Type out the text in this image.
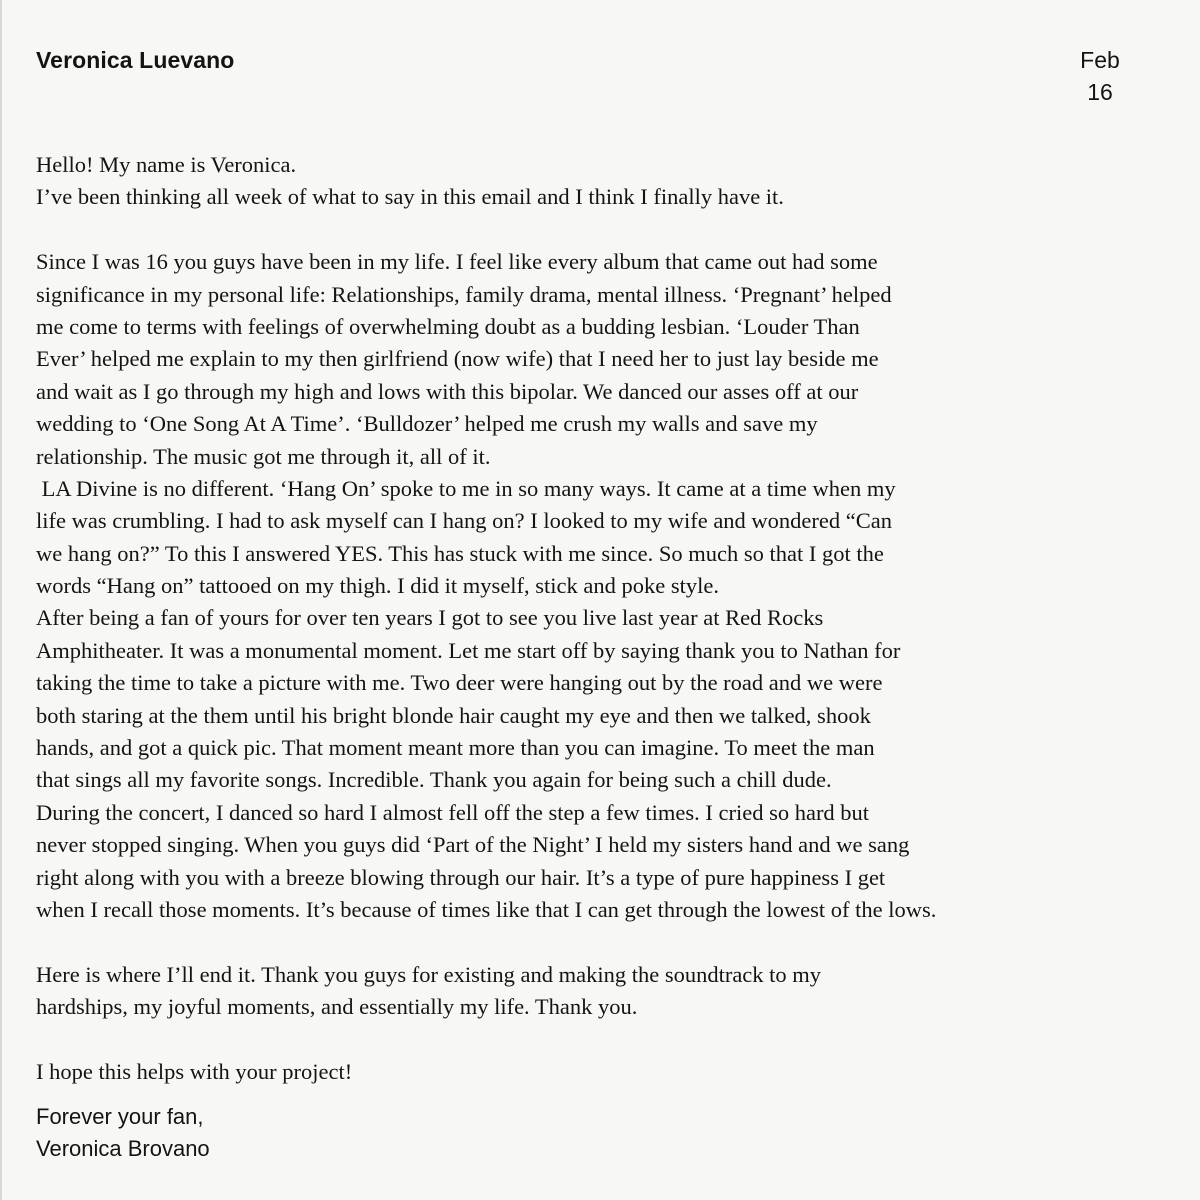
Veronica Luevano	Feb
16
Hello! My name is Veronica.
I’ve been thinking all week of what to say in this email and I think I finally have it.
Since I was 16 you guys have been in my life. I feel like every album that came out had some
significance in my personal life: Relationships, family drama, mental illness. ‘Pregnant’ helped
me come to terms with feelings of overwhelming doubt as a budding lesbian. ‘Louder Than
Ever’ helped me explain to my then girlfriend (now wife) that I need her to just lay beside me
and wait as I go through my high and lows with this bipolar. We danced our asses off at our
wedding to ‘One Song At A Time’. ‘Bulldozer’ helped me crush my walls and save my
relationship. The music got me through it, all of it.
LA Divine is no different. ‘Hang On’ spoke to me in so many ways. It came at a time when my
life was crumbling. I had to ask myself can I hang on? I looked to my wife and wondered “Can
we hang on?” To this I answered YES. This has stuck with me since. So much so that I got the
words “Hang on” tattooed on my thigh. I did it myself, stick and poke style.
After being a fan of yours for over ten years I got to see you live last year at Red Rocks
Amphitheater. It was a monumental moment. Let me start off by saying thank you to Nathan for
taking the time to take a picture with me. Two deer were hanging out by the road and we were
both staring at the them until his bright blonde hair caught my eye and then we talked, shook
hands, and got a quick pic. That moment meant more than you can imagine. To meet the man
that sings all my favorite songs. Incredible. Thank you again for being such a chill dude.
During the concert, I danced so hard I almost fell off the step a few times. I cried so hard but
never stopped singing. When you guys did ‘Part of the Night’ I held my sisters hand and we sang
right along with you with a breeze blowing through our hair. It’s a type of pure happiness I get
when I recall those moments. It’s because of times like that I can get through the lowest of the lows.
Here is where I’ll end it. Thank you guys for existing and making the soundtrack to my
hardships, my joyful moments, and essentially my life. Thank you.
I hope this helps with your project!
Forever your fan,
Veronica Brovano
